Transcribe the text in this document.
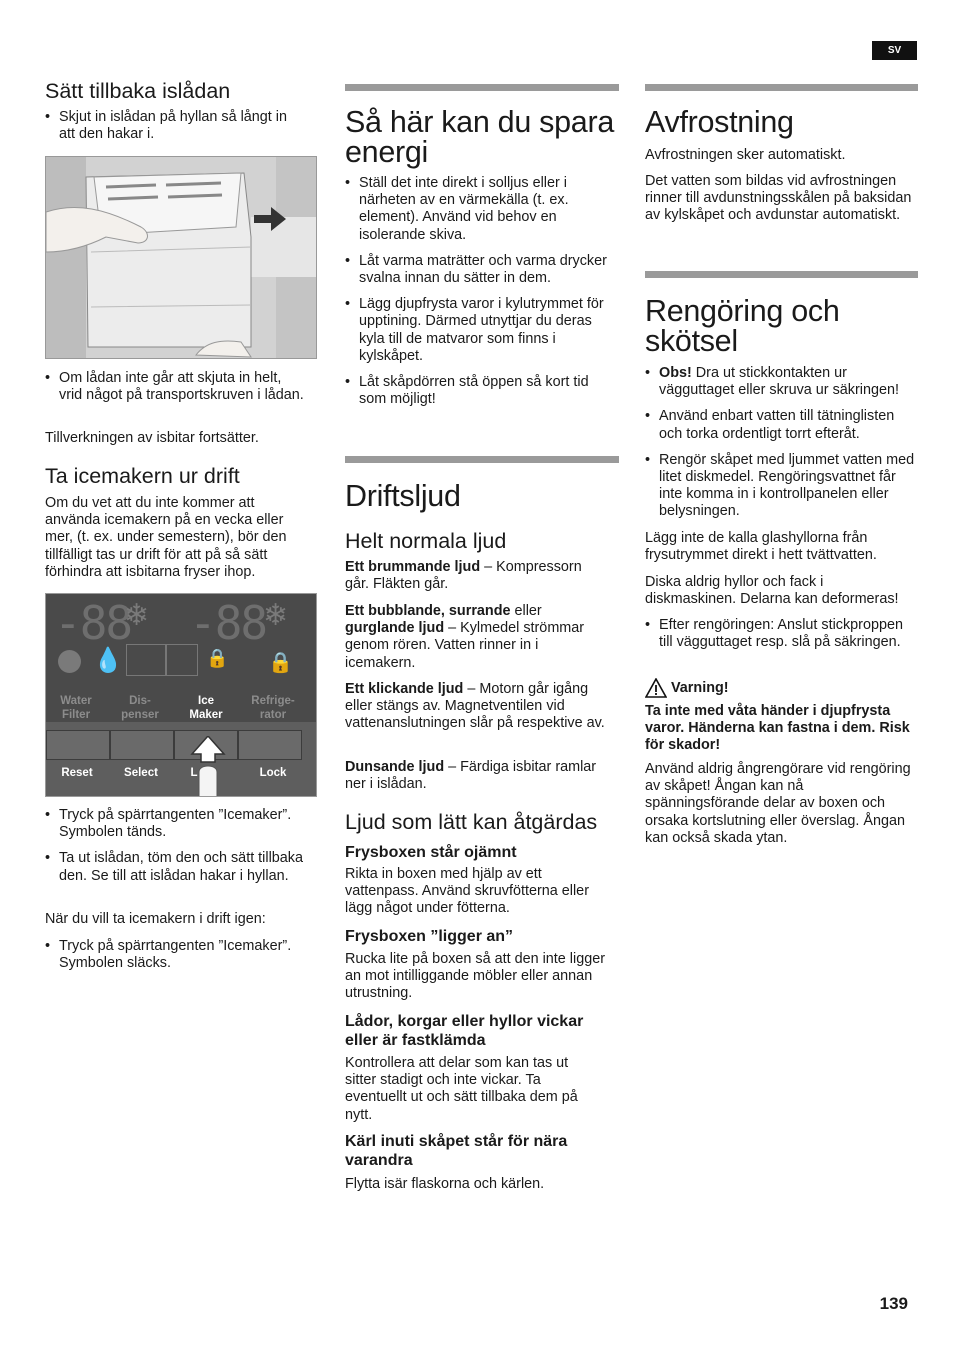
SV
Sätt tillbaka islådan
• Skjut in islådan på hyllan så långt in att den hakar i.
• Om lådan inte går att skjuta in helt, vrid något på transportskruven i lådan.

Tillverkningen av isbitar fortsätter.

Ta icemakern ur drift

Om du vet att du inte kommer att använda icemakern på en vecka eller mer, (t. ex. under semestern), bör den tillfälligt tas ur drift för att på så sätt förhindra att isbitarna fryser ihop.

-88
❄ -88
❄
💧	🔒 🔒
Water Filter
Dis-
penser
Ice
Maker
Refrige-
rator
Reset	Select	L	Lock
• Tryck på spärrtangenten ”Icemaker”. Symbolen tänds.
• Ta ut islådan, töm den och sätt tillbaka den. Se till att islådan hakar i hyllan.

När du vill ta icemakern i drift igen:

• Tryck på spärrtangenten ”Icemaker”. Symbolen släcks.
Så här kan du spara energi
• Ställ det inte direkt i solljus eller i närheten av en värmekälla (t. ex. element). Använd vid behov en isolerande skiva.
• Låt varma maträtter och varma drycker svalna innan du sätter in dem.
• Lägg djupfrysta varor i kylutrymmet för upptining. Därmed utnyttjar du deras kyla till de matvaror som finns i kylskåpet.
• Låt skåpdörren stå öppen så kort tid som möjligt!
Driftsljud
Helt normala ljud

Ett brummande ljud – Kompressorn går. Fläkten går.

Ett bubblande, surrande eller gurglande ljud – Kylmedel strömmar genom rören. Vatten rinner in i icemakern.

Ett klickande ljud – Motorn går igång eller stängs av. Magnetventilen vid vattenanslutningen slår på respektive av.

Dunsande ljud – Färdiga isbitar ramlar ner i islådan.

Ljud som lätt kan åtgärdas
Frysboxen står ojämnt

Rikta in boxen med hjälp av ett vattenpass. Använd skruvfötterna eller lägg något under fötterna.

Frysboxen ”ligger an”

Rucka lite på boxen så att den inte ligger an mot intilliggande möbler eller annan utrustning.

Lådor, korgar eller hyllor vickar eller är fastklämda

Kontrollera att delar som kan tas ut sitter stadigt och inte vickar. Ta eventuellt ut och sätt tillbaka dem på nytt.

Kärl inuti skåpet står för nära varandra

Flytta isär flaskorna och kärlen.

Avfrostning

Avfrostningen sker automatiskt.

Det vatten som bildas vid avfrostningen rinner till avdunstningsskålen på baksidan av kylskåpet och avdunstar automatiskt.

Rengöring och skötsel
• Obs! Dra ut stickkontakten ur vägguttaget eller skruva ur säkringen!
• Använd enbart vatten till tätninglisten och torka ordentligt torrt efteråt.
• Rengör skåpet med ljummet vatten med litet diskmedel. Rengöringsvattnet får inte komma in i kontrollpanelen eller belysningen.

Lägg inte de kalla glashyllorna från frysutrymmet direkt i hett tvättvatten.

Diska aldrig hyllor och fack i diskmaskinen. Delarna kan deformeras!

• Efter rengöringen: Anslut stickproppen till vägguttaget resp. slå på säkringen.
Varning!

Ta inte med våta händer i djupfrysta varor. Händerna kan fastna i dem. Risk för skador!

Använd aldrig ångrengörare vid rengöring av skåpet! Ångan kan nå spänningsförande delar av boxen och orsaka kortslutning eller överslag. Ångan kan också skada ytan.

139
